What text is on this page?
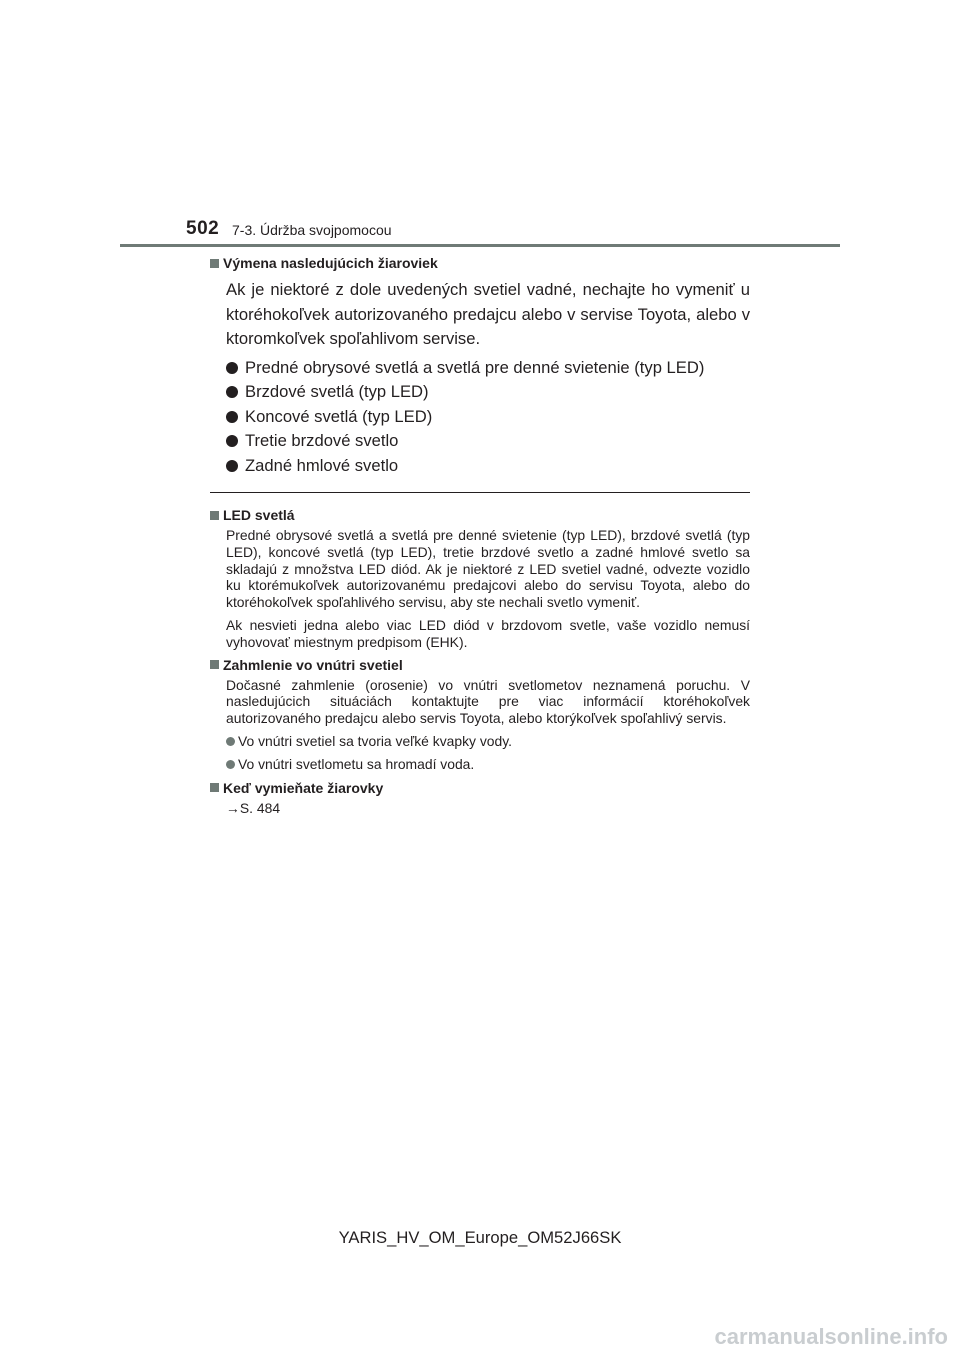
502 7-3. Údržba svojpomocou
Výmena nasledujúcich žiaroviek
Ak je niektoré z dole uvedených svetiel vadné, nechajte ho vymeniť u ktoréhokoľvek autorizovaného predajcu alebo v servise Toyota, alebo v ktoromkoľvek spoľahlivom servise.
Predné obrysové svetlá a svetlá pre denné svietenie (typ LED)
Brzdové svetlá (typ LED)
Koncové svetlá (typ LED)
Tretie brzdové svetlo
Zadné hmlové svetlo
LED svetlá
Predné obrysové svetlá a svetlá pre denné svietenie (typ LED), brzdové svetlá (typ LED), koncové svetlá (typ LED), tretie brzdové svetlo a zadné hmlové svetlo sa skladajú z množstva LED diód. Ak je niektoré z LED svetiel vadné, odvezte vozidlo ku ktorémukoľvek autorizovanému predajcovi alebo do servisu Toyota, alebo do ktoréhokoľvek spoľahlivého servisu, aby ste nechali svetlo vymeniť.
Ak nesvieti jedna alebo viac LED diód v brzdovom svetle, vaše vozidlo nemusí vyhovovať miestnym predpisom (EHK).
Zahmlenie vo vnútri svetiel
Dočasné zahmlenie (orosenie) vo vnútri svetlometov neznamená poruchu. V nasledujúcich situáciách kontaktujte pre viac informácií ktoréhokoľvek autorizovaného predajcu alebo servis Toyota, alebo ktorýkoľvek spoľahlivý servis.
Vo vnútri svetiel sa tvoria veľké kvapky vody.
Vo vnútri svetlometu sa hromadí voda.
Keď vymieňate žiarovky
→S. 484
YARIS_HV_OM_Europe_OM52J66SK
carmanualsonline.info
